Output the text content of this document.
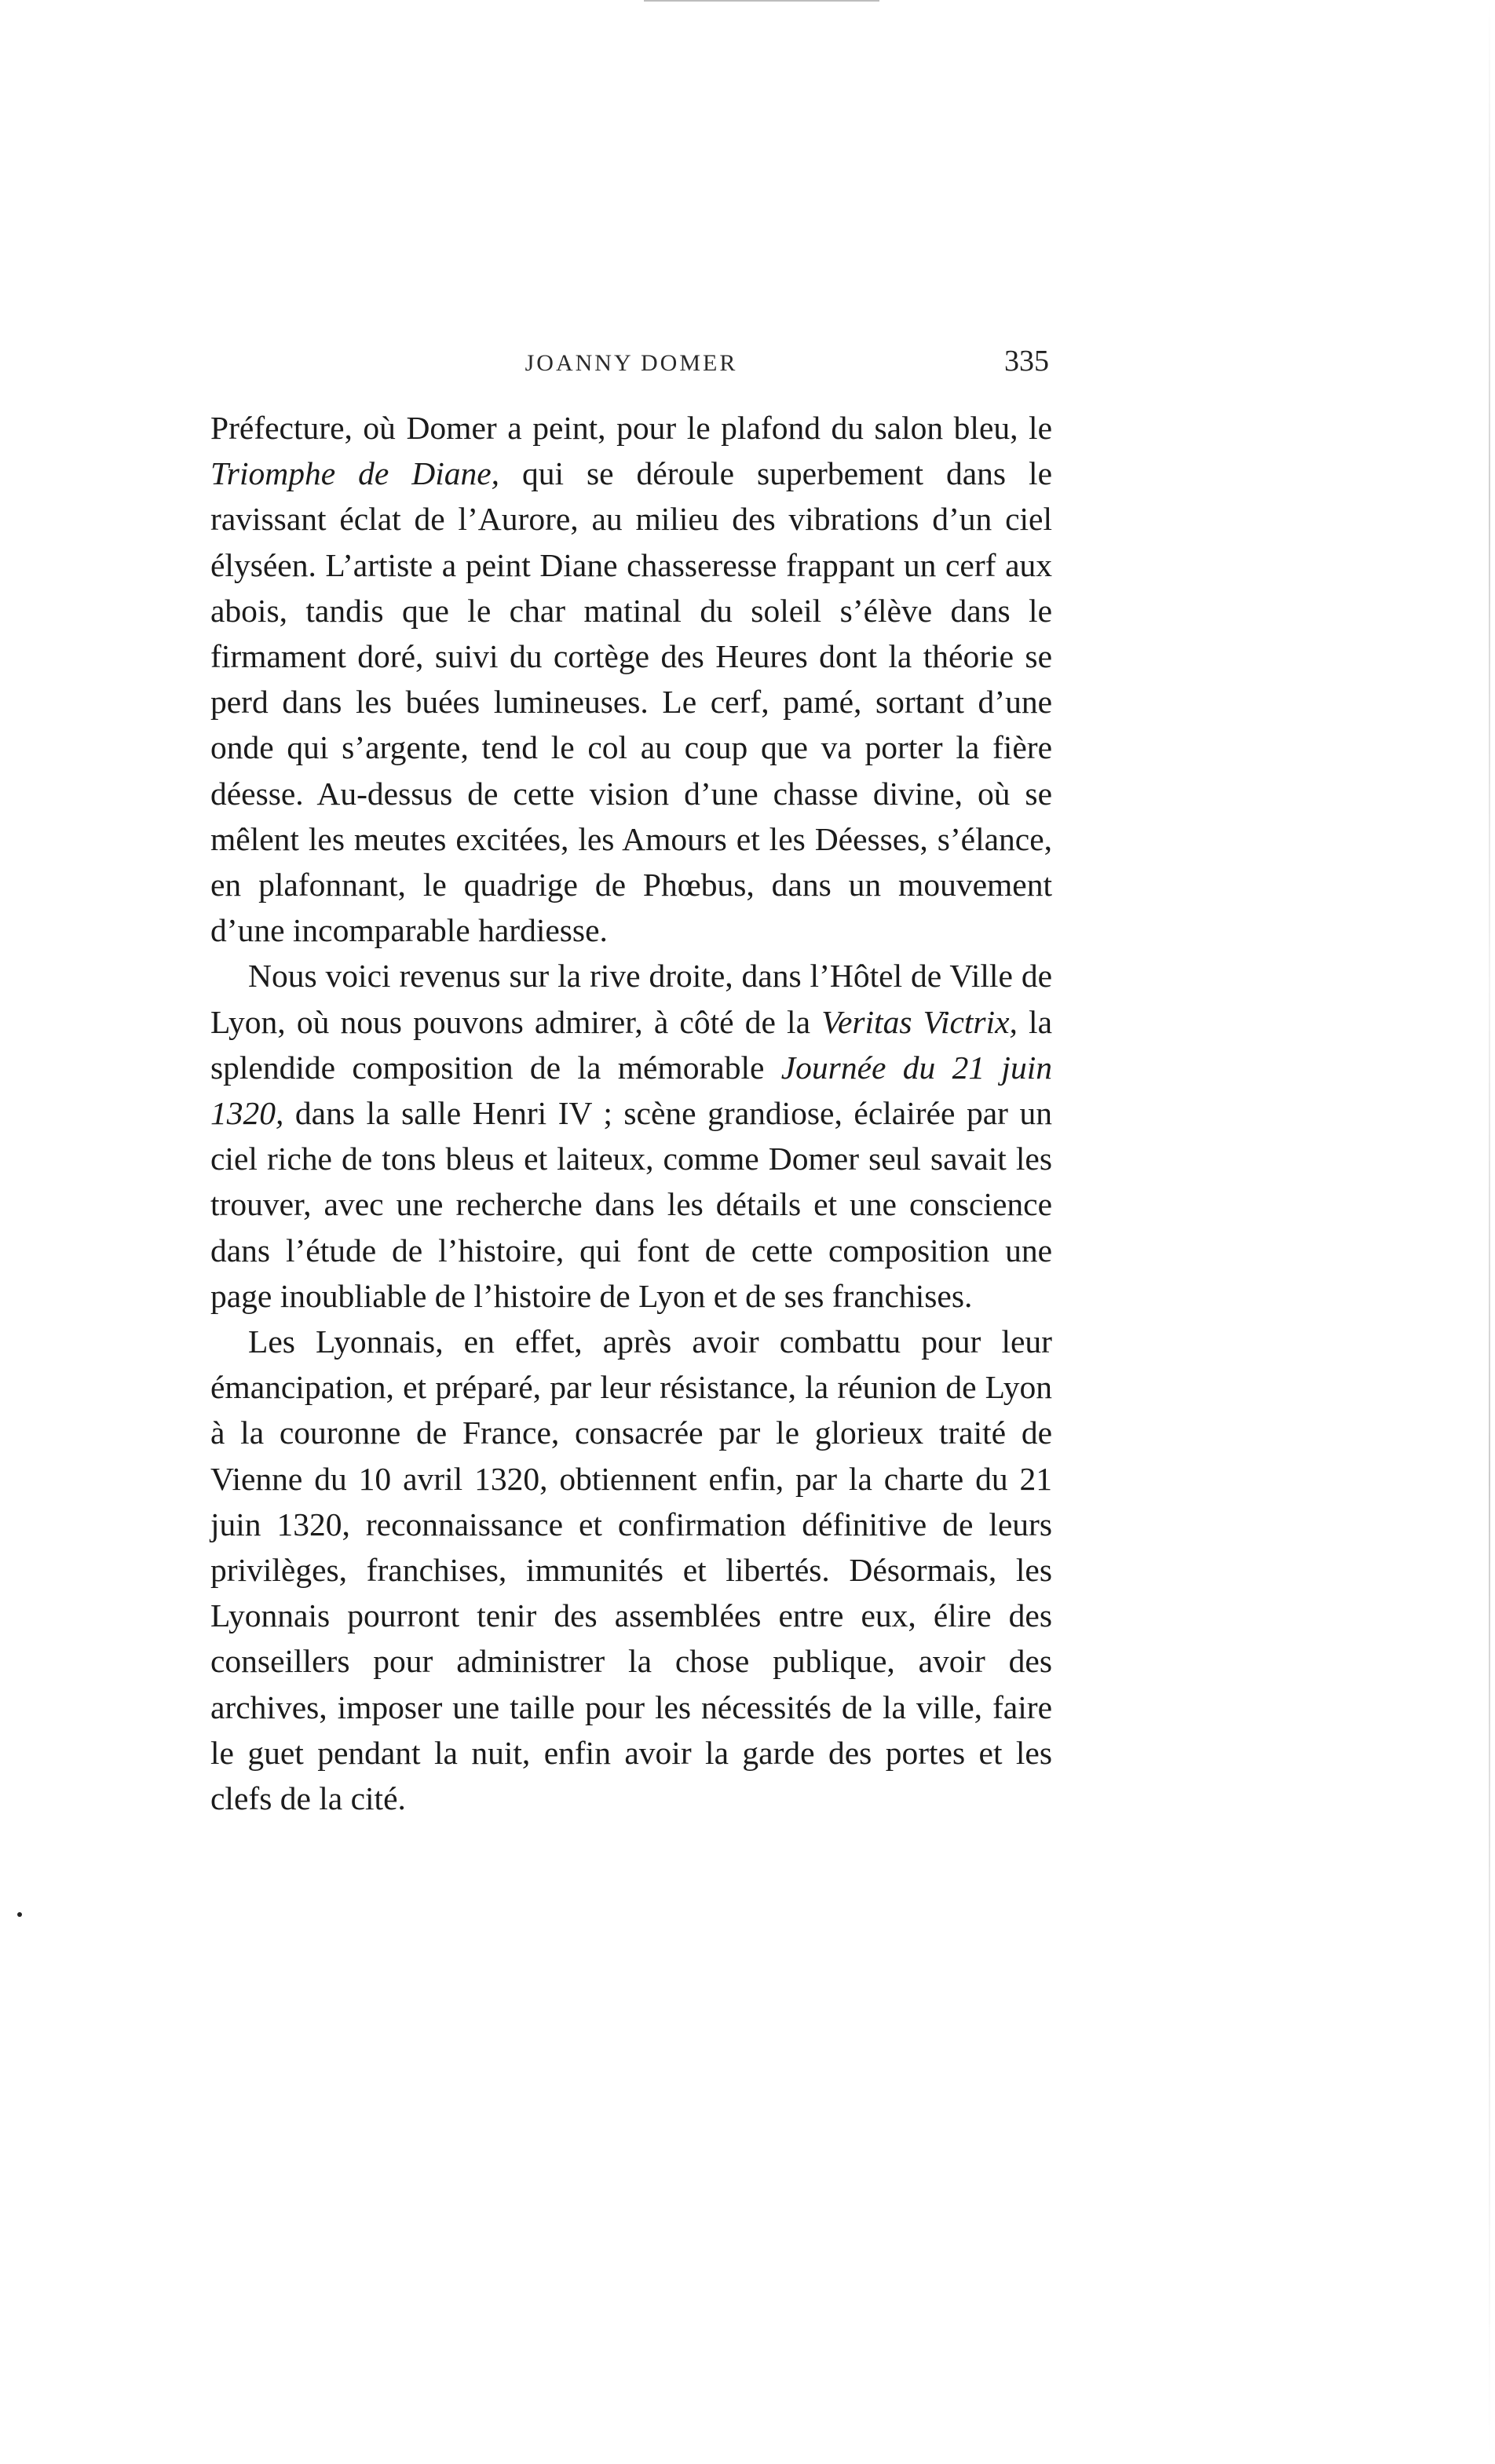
JOANNY DOMER	335

Préfecture, où Domer a peint, pour le plafond du salon bleu, le Triomphe de Diane, qui se déroule superbement dans le ravissant éclat de l’Aurore, au milieu des vibrations d’un ciel élyséen. L’artiste a peint Diane chasseresse frappant un cerf aux abois, tandis que le char matinal du soleil s’élève dans le firmament doré, suivi du cortège des Heures dont la théorie se perd dans les buées lumineuses. Le cerf, pamé, sortant d’une onde qui s’argente, tend le col au coup que va porter la fière déesse. Au-dessus de cette vision d’une chasse divine, où se mêlent les meutes excitées, les Amours et les Déesses, s’élance, en plafonnant, le quadrige de Phœbus, dans un mouvement d’une incomparable hardiesse.

Nous voici revenus sur la rive droite, dans l’Hôtel de Ville de Lyon, où nous pouvons admirer, à côté de la Veritas Victrix, la splendide composition de la mémorable Journée du 21 juin 1320, dans la salle Henri IV ; scène grandiose, éclairée par un ciel riche de tons bleus et laiteux, comme Domer seul savait les trouver, avec une recherche dans les détails et une conscience dans l’étude de l’histoire, qui font de cette composition une page inoubliable de l’histoire de Lyon et de ses franchises.

Les Lyonnais, en effet, après avoir combattu pour leur émancipation, et préparé, par leur résistance, la réunion de Lyon à la couronne de France, consacrée par le glorieux traité de Vienne du 10 avril 1320, obtiennent enfin, par la charte du 21 juin 1320, reconnaissance et confirmation définitive de leurs privilèges, franchises, immunités et libertés. Désormais, les Lyonnais pourront tenir des assemblées entre eux, élire des conseillers pour administrer la chose publique, avoir des archives, imposer une taille pour les nécessités de la ville, faire le guet pendant la nuit, enfin avoir la garde des portes et les clefs de la cité.
